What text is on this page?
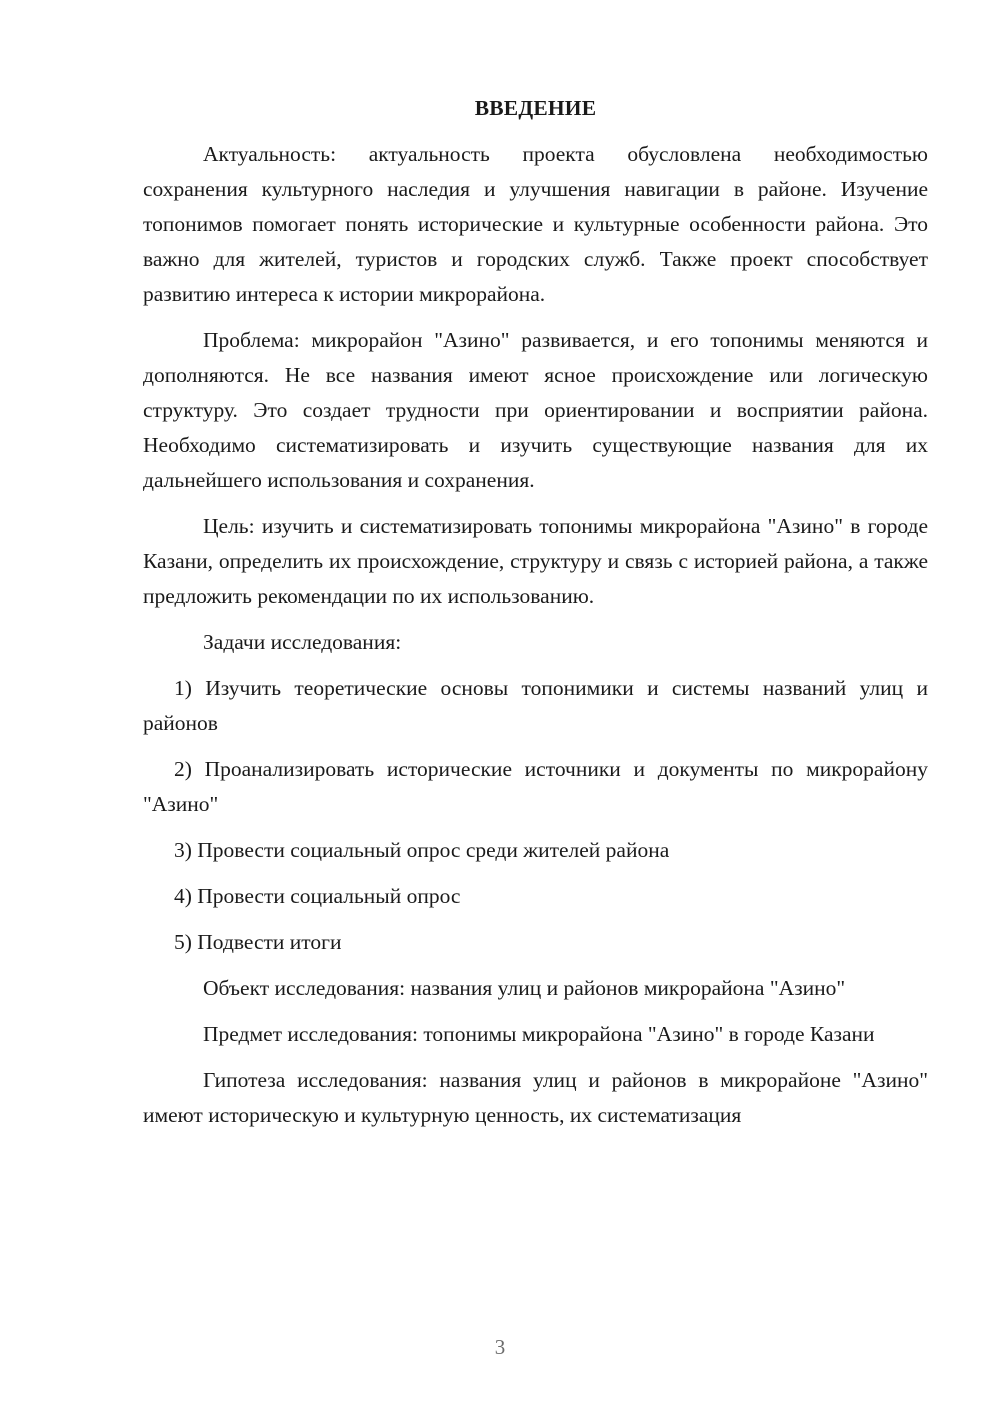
ВВЕДЕНИЕ

Актуальность: актуальность проекта обусловлена необходимостью сохранения культурного наследия и улучшения навигации в районе. Изучение топонимов помогает понять исторические и культурные особенности района. Это важно для жителей, туристов и городских служб. Также проект способствует развитию интереса к истории микрорайона.

Проблема: микрорайон "Азино" развивается, и его топонимы меняются и дополняются. Не все названия имеют ясное происхождение или логическую структуру. Это создает трудности при ориентировании и восприятии района. Необходимо систематизировать и изучить существующие названия для их дальнейшего использования и сохранения.

Цель: изучить и систематизировать топонимы микрорайона "Азино" в городе Казани, определить их происхождение, структуру и связь с историей района, а также предложить рекомендации по их использованию.

Задачи исследования:

1) Изучить теоретические основы топонимики и системы названий улиц и районов

2) Проанализировать исторические источники и документы по микрорайону "Азино"

3) Провести социальный опрос среди жителей района

4) Провести социальный опрос

5) Подвести итоги

Объект исследования: названия улиц и районов микрорайона "Азино"

Предмет исследования: топонимы микрорайона "Азино" в городе Казани

Гипотеза исследования: названия улиц и районов в микрорайоне "Азино" имеют историческую и культурную ценность, их систематизация

3
